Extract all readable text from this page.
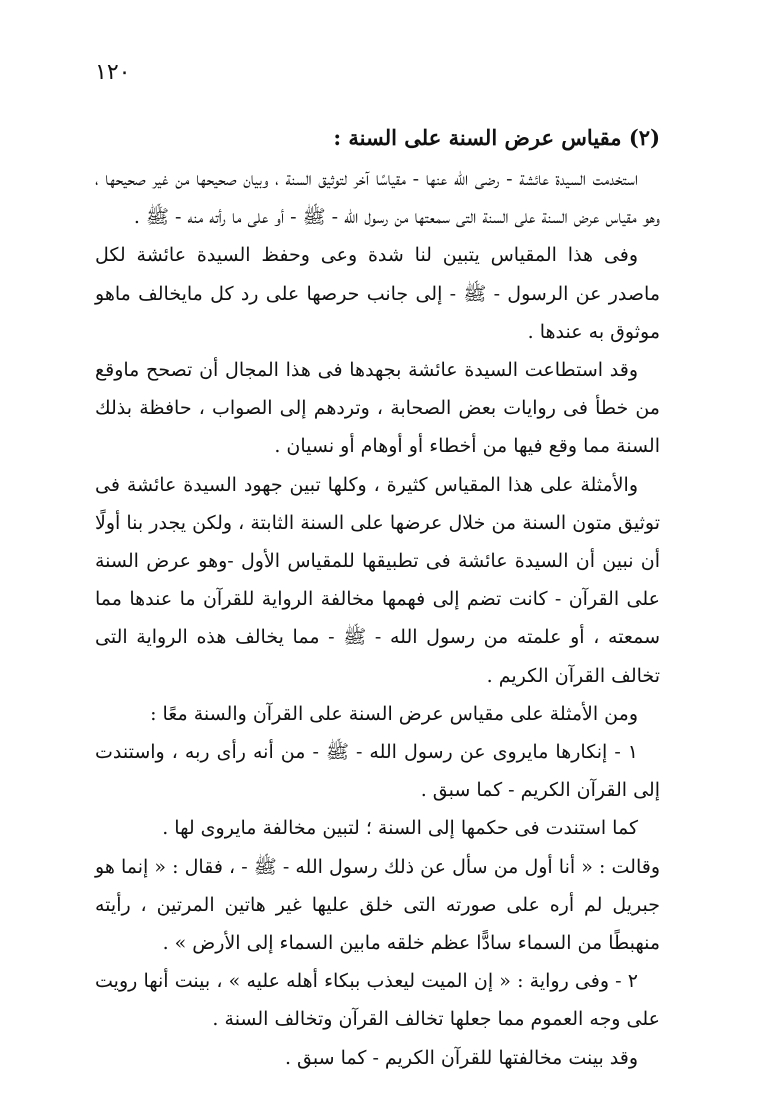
١٢٠
(٢) مقياس عرض السنة على السنة :

استخدمت السيدة عائشة - رضى الله عنها - مقياسًا آخر لتوثيق السنة ، وبيان صحيحها من غير صحيحها ، وهو مقياس عرض السنة على السنة التى سمعتها من رسول الله - ﷺ - أو على ما رأته منه - ﷺ .

وفى هذا المقياس يتبين لنا شدة وعى وحفظ السيدة عائشة لكل ماصدر عن الرسول - ﷺ - إلى جانب حرصها على رد كل مايخالف ماهو موثوق به عندها .

وقد استطاعت السيدة عائشة بجهدها فى هذا المجال أن تصحح ماوقع من خطأ فى روايات بعض الصحابة ، وتردهم إلى الصواب ، حافظة بذلك السنة مما وقع فيها من أخطاء أو أوهام أو نسيان .

والأمثلة على هذا المقياس كثيرة ، وكلها تبين جهود السيدة عائشة فى توثيق متون السنة من خلال عرضها على السنة الثابتة ، ولكن يجدر بنا أولًا أن نبين أن السيدة عائشة فى تطبيقها للمقياس الأول -وهو عرض السنة على القرآن - كانت تضم إلى فهمها مخالفة الرواية للقرآن ما عندها مما سمعته ، أو علمته من رسول الله - ﷺ - مما يخالف هذه الرواية التى تخالف القرآن الكريم .

ومن الأمثلة على مقياس عرض السنة على القرآن والسنة معًا :

١ - إنكارها مايروى عن رسول الله - ﷺ - من أنه رأى ربه ، واستندت إلى القرآن الكريم - كما سبق .

كما استندت فى حكمها إلى السنة ؛ لتبين مخالفة مايروى لها .

وقالت : « أنا أول من سأل عن ذلك رسول الله - ﷺ - ، فقال : « إنما هو جبريل لم أره على صورته التى خلق عليها غير هاتين المرتين ، رأيته منهبطًا من السماء سادًّا عظم خلقه مابين السماء إلى الأرض » .

٢ - وفى رواية : « إن الميت ليعذب ببكاء أهله عليه » ، بينت أنها رويت على وجه العموم مما جعلها تخالف القرآن وتخالف السنة .

وقد بينت مخالفتها للقرآن الكريم - كما سبق .
